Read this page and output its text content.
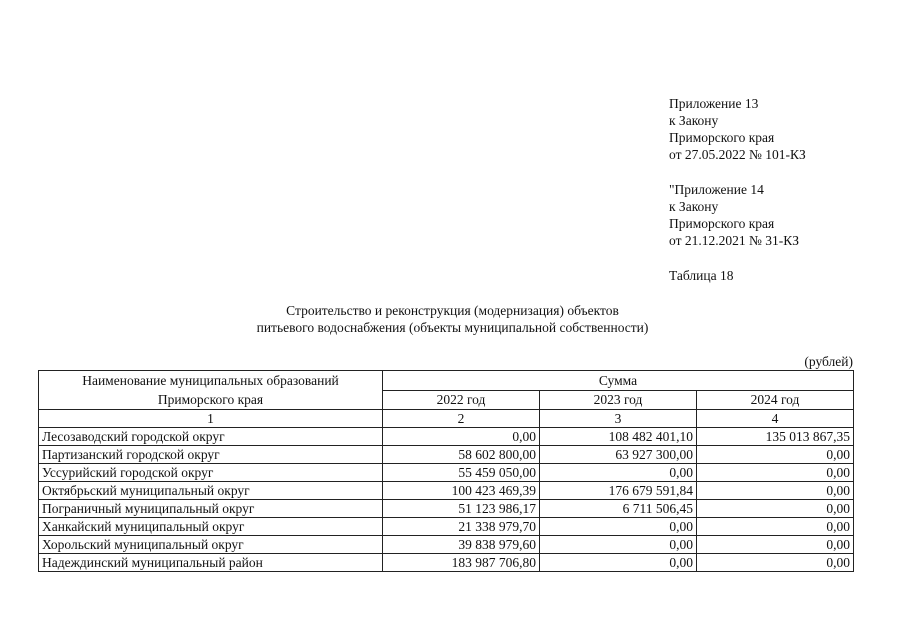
Приложение 13
к Закону
Приморского края
от 27.05.2022 № 101-КЗ
"Приложение 14
к Закону
Приморского края
от 21.12.2021 № 31-КЗ
Таблица 18
Строительство и реконструкция (модернизация) объектов
питьевого водоснабжения (объекты муниципальной собственности)
(рублей)
Наименование муниципальных образований
Приморского края	Сумма		
	2022 год	2023 год	2024 год
1	2	3	4
Лесозаводский городской округ	0,00	108 482 401,10	135 013 867,35
Партизанский городской округ	58 602 800,00	63 927 300,00	0,00
Уссурийский городской округ	55 459 050,00	0,00	0,00
Октябрьский муниципальный округ	100 423 469,39	176 679 591,84	0,00
Пограничный муниципальный округ	51 123 986,17	6 711 506,45	0,00
Ханкайский муниципальный округ	21 338 979,70	0,00	0,00
Хорольский муниципальный округ	39 838 979,60	0,00	0,00
Надеждинский муниципальный район	183 987 706,80	0,00	0,00
